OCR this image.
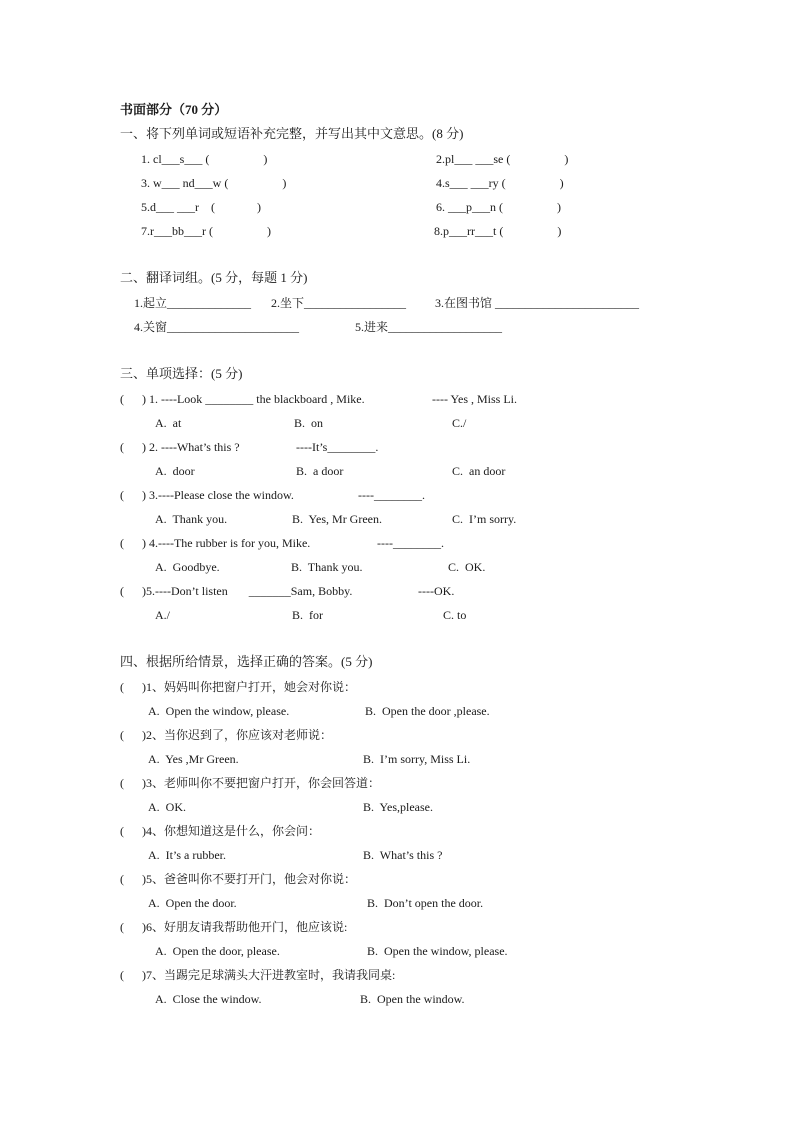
书面部分（70 分）
一、将下列单词或短语补充完整，并写出其中文意思。(8 分)
1. cl___s___ (                  )	2.pl___ ___se (                  )
3. w___ nd___w (                  )	4.s___ ___ry (                  )
5.d___ ___r    (              )	6. ___p___n (                  )
7.r___bb___r (                  )	8.p___rr___t (                  )
二、翻译词组。(5 分，每题 1 分)
1.起立______________ 2.坐下_________________ 3.在图书馆 ________________________
4.关窗______________________	5.进来___________________
三、单项选择：(5 分)
(      ) 1. ----Look ________ the blackboard , Mike.	---- Yes , Miss Li.
A.  at	B.  on	C./
(      ) 2. ----What’s this ?	----It’s________.
A.  door	B.  a door	C.  an door
(      ) 3.----Please close the window.	----________.
A.  Thank you.	B.  Yes, Mr Green.	C.  I’m sorry.
(      ) 4.----The rubber is for you, Mike.	----________.
A.  Goodbye.	B.  Thank you.	C.  OK.
(      )5.----Don’t listen       _______Sam, Bobby.	----OK.
A./	B.  for	C. to
四、根据所给情景，选择正确的答案。(5 分)
(      )1、妈妈叫你把窗户打开，她会对你说：
A.  Open the window, please.	B.  Open the door ,please.
(      )2、当你迟到了，你应该对老师说：
A.  Yes ,Mr Green.	B.  I’m sorry, Miss Li.
(      )3、老师叫你不要把窗户打开，你会回答道：
A.  OK.	B.  Yes,please.
(      )4、你想知道这是什么，你会问：
A.  It’s a rubber.	B.  What’s this ?
(      )5、爸爸叫你不要打开门，他会对你说：
A.  Open the door.	B.  Don’t open the door.
(      )6、好朋友请我帮助他开门，他应该说:
A.  Open the door, please.	B.  Open the window, please.
(      )7、当踢完足球满头大汗进教室时，我请我同桌:
A.  Close the window.	B.  Open the window.
